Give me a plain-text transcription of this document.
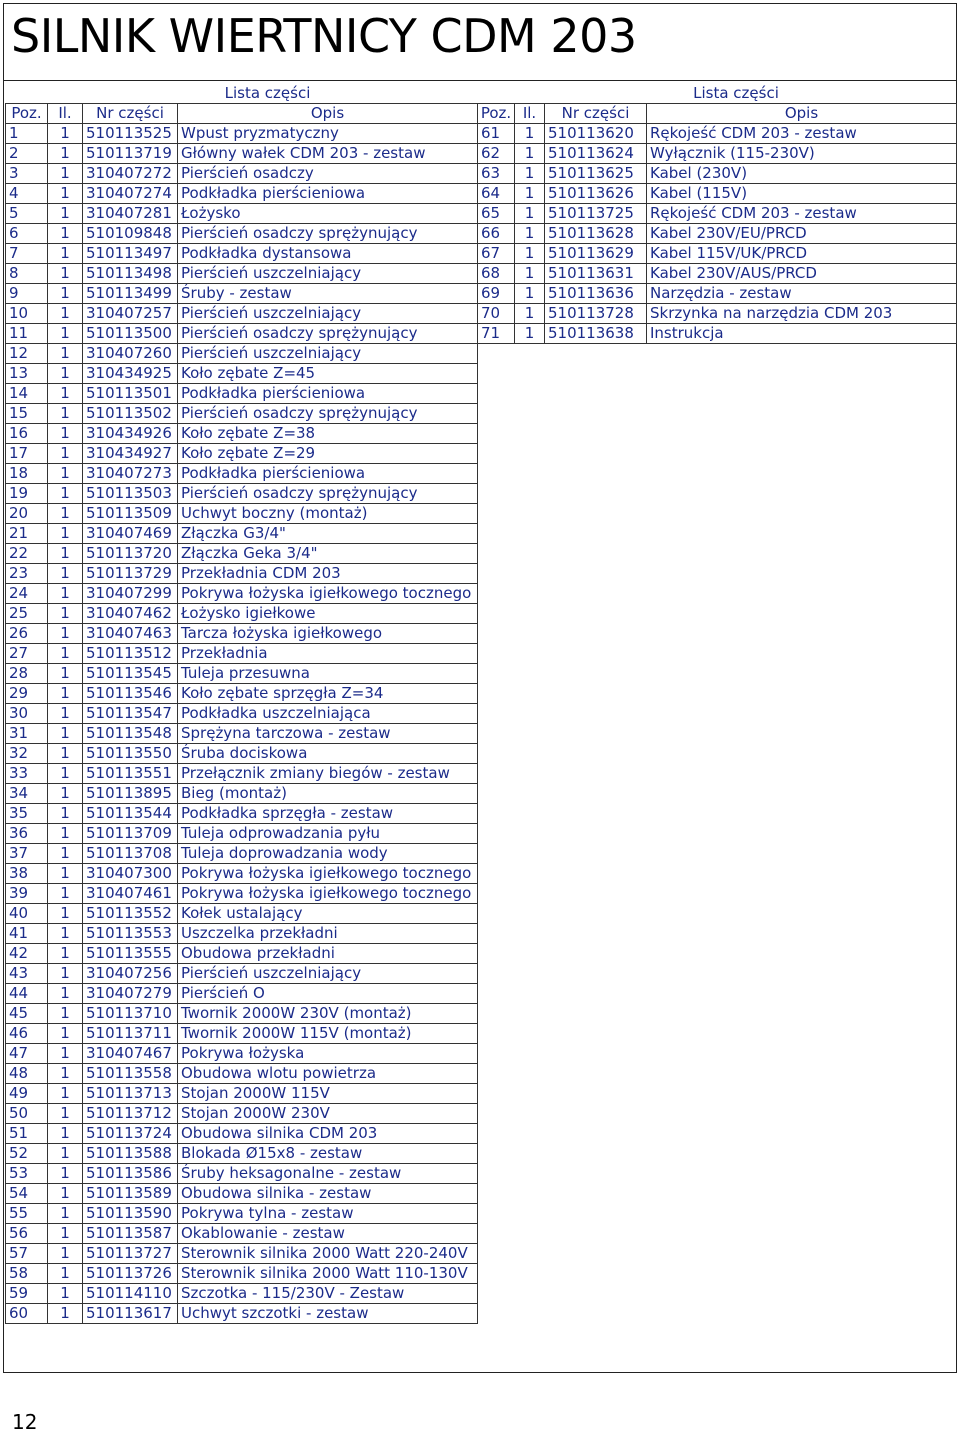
SILNIK WIERTNICY CDM 203
Lista części			
Poz.	Il.	Nr części	Opis
1	1	510113525	Wpust pryzmatyczny
2	1	510113719	Główny wałek CDM 203 - zestaw
3	1	310407272	Pierścień osadczy
4	1	310407274	Podkładka pierścieniowa
5	1	310407281	Łożysko
6	1	510109848	Pierścień osadczy sprężynujący
7	1	510113497	Podkładka dystansowa
8	1	510113498	Pierścień uszczelniający
9	1	510113499	Śruby - zestaw
10	1	310407257	Pierścień uszczelniający
11	1	510113500	Pierścień osadczy sprężynujący
12	1	310407260	Pierścień uszczelniający
13	1	310434925	Koło zębate Z=45
14	1	510113501	Podkładka pierścieniowa
15	1	510113502	Pierścień osadczy sprężynujący
16	1	310434926	Koło zębate Z=38
17	1	310434927	Koło zębate Z=29
18	1	310407273	Podkładka pierścieniowa
19	1	510113503	Pierścień osadczy sprężynujący
20	1	510113509	Uchwyt boczny (montaż)
21	1	310407469	Złączka G3/4"
22	1	510113720	Złączka Geka 3/4"
23	1	510113729	Przekładnia CDM 203
24	1	310407299	Pokrywa łożyska igiełkowego tocznego
25	1	310407462	Łożysko igiełkowe
26	1	310407463	Tarcza łożyska igiełkowego
27	1	510113512	Przekładnia
28	1	510113545	Tuleja przesuwna
29	1	510113546	Koło zębate sprzęgła Z=34
30	1	510113547	Podkładka uszczelniająca
31	1	510113548	Sprężyna tarczowa - zestaw
32	1	510113550	Śruba dociskowa
33	1	510113551	Przełącznik zmiany biegów - zestaw
34	1	510113895	Bieg (montaż)
35	1	510113544	Podkładka sprzęgła - zestaw
36	1	510113709	Tuleja odprowadzania pyłu
37	1	510113708	Tuleja doprowadzania wody
38	1	310407300	Pokrywa łożyska igiełkowego tocznego
39	1	310407461	Pokrywa łożyska igiełkowego tocznego
40	1	510113552	Kołek ustalający
41	1	510113553	Uszczelka przekładni
42	1	510113555	Obudowa przekładni
43	1	310407256	Pierścień uszczelniający
44	1	310407279	Pierścień O
45	1	510113710	Twornik 2000W 230V (montaż)
46	1	510113711	Twornik 2000W 115V (montaż)
47	1	310407467	Pokrywa łożyska
48	1	510113558	Obudowa wlotu powietrza
49	1	510113713	Stojan 2000W 115V
50	1	510113712	Stojan 2000W 230V
51	1	510113724	Obudowa silnika CDM 203
52	1	510113588	Blokada Ø15x8 - zestaw
53	1	510113586	Śruby heksagonalne - zestaw
54	1	510113589	Obudowa silnika - zestaw
55	1	510113590	Pokrywa tylna - zestaw
56	1	510113587	Okablowanie - zestaw
57	1	510113727	Sterownik silnika 2000 Watt 220-240V
58	1	510113726	Sterownik silnika 2000 Watt 110-130V
59	1	510114110	Szczotka - 115/230V - Zestaw
60	1	510113617	Uchwyt szczotki - zestaw
Lista części			
Poz.	Il.	Nr części	Opis
61	1	510113620	Rękojeść CDM 203 - zestaw
62	1	510113624	Wyłącznik (115-230V)
63	1	510113625	Kabel (230V)
64	1	510113626	Kabel (115V)
65	1	510113725	Rękojeść CDM 203 - zestaw
66	1	510113628	Kabel 230V/EU/PRCD
67	1	510113629	Kabel 115V/UK/PRCD
68	1	510113631	Kabel 230V/AUS/PRCD
69	1	510113636	Narzędzia - zestaw
70	1	510113728	Skrzynka na narzędzia CDM 203
71	1	510113638	Instrukcja
12
